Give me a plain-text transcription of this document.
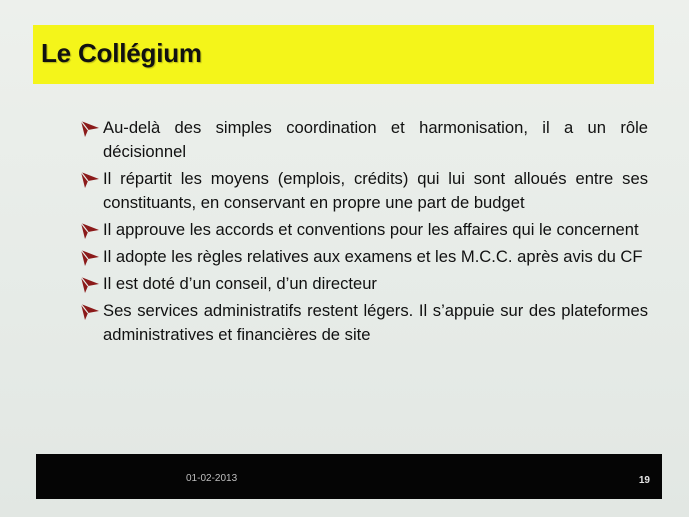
Le Collégium
Au-delà des simples coordination et harmonisation, il a un rôle décisionnel
Il répartit les moyens (emplois, crédits) qui lui sont alloués entre ses constituants, en conservant en propre une part de budget
Il approuve les accords et conventions pour les affaires qui le concernent
Il adopte les règles relatives aux examens et les M.C.C. après avis du CF
Il est doté d’un conseil, d’un directeur
Ses services administratifs restent légers. Il s’appuie sur des plateformes administratives et financières de site
01-02-2013	19
